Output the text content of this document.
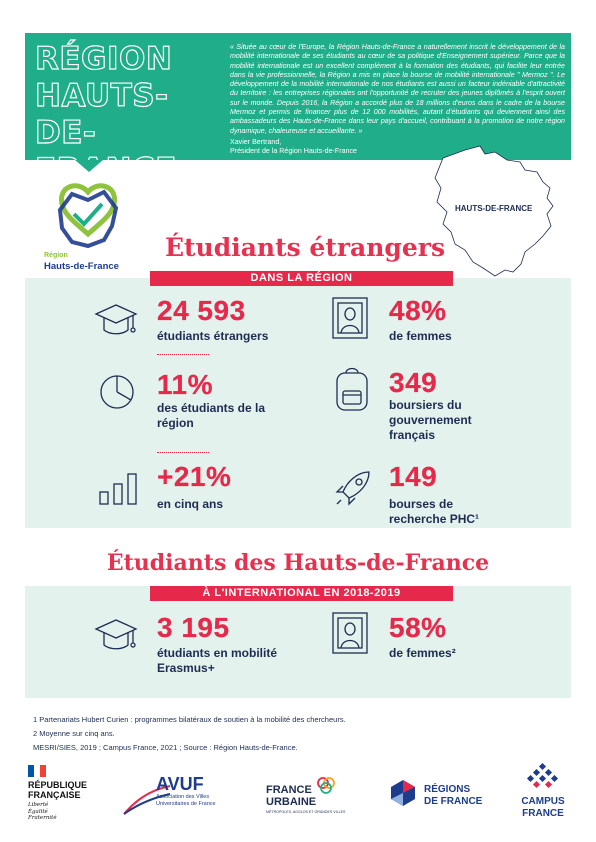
RÉGION
HAUTS-DE-
FRANCE
« Située au cœur de l'Europe, la Région Hauts-de-France a naturellement inscrit le développement de la mobilité internationale de ses étudiants au cœur de sa politique d'Enseignement supérieur. Parce que la mobilité internationale est un excellent complément à la formation des étudiants, qui facilite leur entrée dans la vie professionnelle, la Région a mis en place la bourse de mobilité internationale " Mermoz ". Le développement de la mobilité internationale de nos étudiants est aussi un facteur indéniable d'attractivité du territoire : les entreprises régionales ont l'opportunité de recruter des jeunes diplômés à l'esprit ouvert sur le monde. Depuis 2016, la Région a accordé plus de 18 millions d'euros dans le cadre de la bourse Mermoz et permis de financer plus de 12 000 mobilités, autant d'étudiants qui deviennent ainsi des ambassadeurs des Hauts-de-France dans leur pays d'accueil, contribuant à la promotion de notre région dynamique, chaleureuse et accueillante. »
Xavier Bertrand,
Président de la Région Hauts-de-France
HAUTS-DE-FRANCE
Région
Hauts-de-France
Étudiants étrangers
DANS LA RÉGION
24 593
étudiants étrangers
48%
de femmes
11%
des étudiants de la région
349
boursiers du gouvernement français
+21%
en cinq ans
149
bourses de recherche PHC¹
Étudiants des Hauts-de-France
À L'INTERNATIONAL EN 2018-2019
3 195
étudiants en mobilité Erasmus+
58%
de femmes²
1 Partenariats Hubert Curien : programmes bilatéraux de soutien à la mobilité des chercheurs.
2 Moyenne sur cinq ans.
MESRI/SIES, 2019 ; Campus France, 2021 ; Source : Région Hauts-de-France.
RÉPUBLIQUE
FRANÇAISE
Liberté
Égalité
Fraternité
AVUF
Association des Villes
Universitaires de France
FRANCE
URBAINE
MÉTROPOLES, AGGLOS ET GRANDES VILLES
RÉGIONS
DE FRANCE	CAMPUS
FRANCE
